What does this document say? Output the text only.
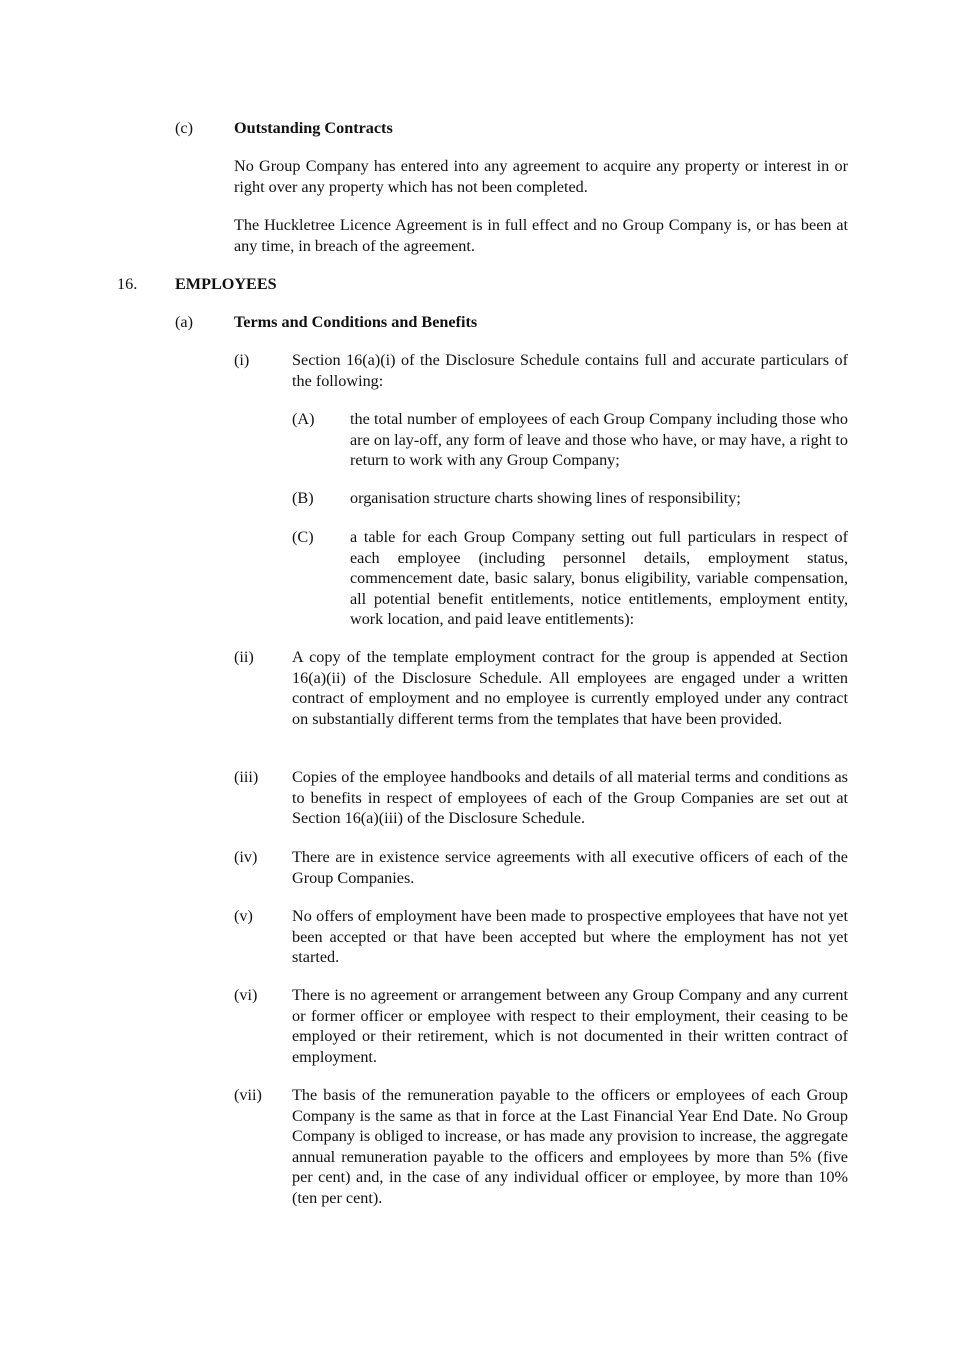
(c)	Outstanding Contracts
No Group Company has entered into any agreement to acquire any property or interest in or right over any property which has not been completed.
The Huckletree Licence Agreement is in full effect and no Group Company is, or has been at any time, in breach of the agreement.
16. EMPLOYEES
(a)	Terms and Conditions and Benefits
(i)	Section 16(a)(i) of the Disclosure Schedule contains full and accurate particulars of the following:
(A) the total number of employees of each Group Company including those who are on lay-off, any form of leave and those who have, or may have, a right to return to work with any Group Company;
(B) organisation structure charts showing lines of responsibility;
(C) a table for each Group Company setting out full particulars in respect of each employee (including personnel details, employment status, commencement date, basic salary, bonus eligibility, variable compensation, all potential benefit entitlements, notice entitlements, employment entity, work location, and paid leave entitlements):
(ii) A copy of the template employment contract for the group is appended at Section 16(a)(ii) of the Disclosure Schedule. All employees are engaged under a written contract of employment and no employee is currently employed under any contract on substantially different terms from the templates that have been provided.
(iii) Copies of the employee handbooks and details of all material terms and conditions as to benefits in respect of employees of each of the Group Companies are set out at Section 16(a)(iii) of the Disclosure Schedule.
(iv) There are in existence service agreements with all executive officers of each of the Group Companies.
(v) No offers of employment have been made to prospective employees that have not yet been accepted or that have been accepted but where the employment has not yet started.
(vi) There is no agreement or arrangement between any Group Company and any current or former officer or employee with respect to their employment, their ceasing to be employed or their retirement, which is not documented in their written contract of employment.
(vii) The basis of the remuneration payable to the officers or employees of each Group Company is the same as that in force at the Last Financial Year End Date. No Group Company is obliged to increase, or has made any provision to increase, the aggregate annual remuneration payable to the officers and employees by more than 5% (five per cent) and, in the case of any individual officer or employee, by more than 10% (ten per cent).
